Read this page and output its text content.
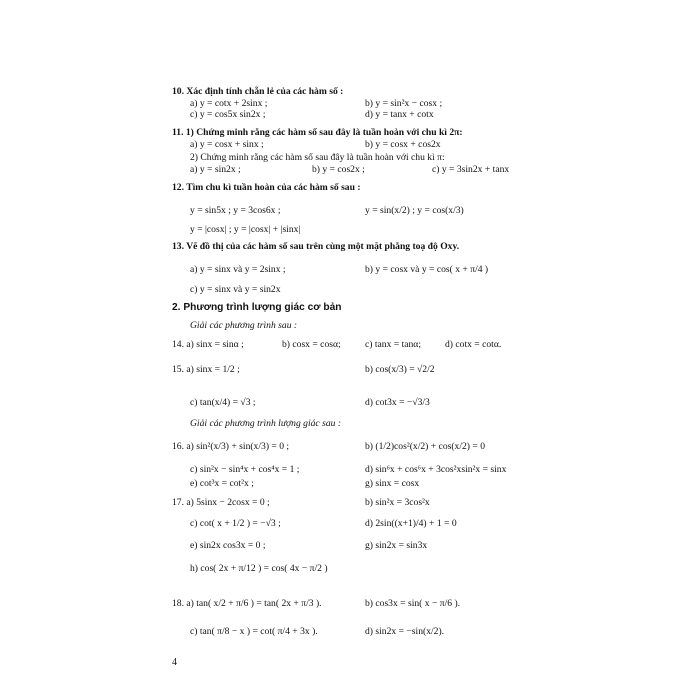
10. Xác định tính chẵn lẻ của các hàm số :
a) y = cotx + 2sinx ;	b) y = sin²x − cosx ;
c) y = cos5x sin2x ;	d) y = tanx + cotx
11. 1) Chứng minh rằng các hàm số sau đây là tuần hoàn với chu kì 2π:
a) y = cosx + sinx ;	b) y = cosx + cos2x
2) Chứng minh rằng các hàm số sau đây là tuần hoàn với chu kì π:
a) y = sin2x ;	b) y = cos2x ;	c) y = 3sin2x + tanx
12. Tìm chu kì tuần hoàn của các hàm số sau :
y = sin5x ; y = 3cos6x ;	y = sin(x/2) ; y = cos(x/3)
y = |cosx| ; y = |cosx| + |sinx|
13. Vẽ đồ thị của các hàm số sau trên cùng một mặt phẳng toạ độ Oxy.
a) y = sinx và y = 2sinx ;	b) y = cosx và y = cos( x + π/4 )
c) y = sinx và y = sin2x
2. Phương trình lượng giác cơ bản
Giải các phương trình sau :
14. a) sinx = sinα ;	b) cosx = cosα;	c) tanx = tanα;	d) cotx = cotα.
15. a) sinx = 1/2 ;	b) cos(x/3) = √2/2
c) tan(x/4) = √3 ;	d) cot3x = −√3/3
Giải các phương trình lượng giác sau :
16. a) sin²(x/3) + sin(x/3) = 0 ;	b) (1/2)cos²(x/2) + cos(x/2) = 0
c) sin²x − sin⁴x + cos⁴x = 1 ;	d) sin⁶x + cos⁶x + 3cos²xsin²x = sinx
e) cot³x = cot²x ;	g) sinx = cosx
17. a) 5sinx − 2cosx = 0 ;	b) sin²x = 3cos²x
c) cot( x + 1/2 ) = −√3 ;	d) 2sin((x+1)/4) + 1 = 0
e) sin2x cos3x = 0 ;	g) sin2x = sin3x
h) cos( 2x + π/12 ) = cos( 4x − π/2 )
18. a) tan( x/2 + π/6 ) = tan( 2x + π/3 ).	b) cos3x = sin( x − π/6 ).
c) tan( π/8 − x ) = cot( π/4 + 3x ).	d) sin2x = −sin(x/2).
4
